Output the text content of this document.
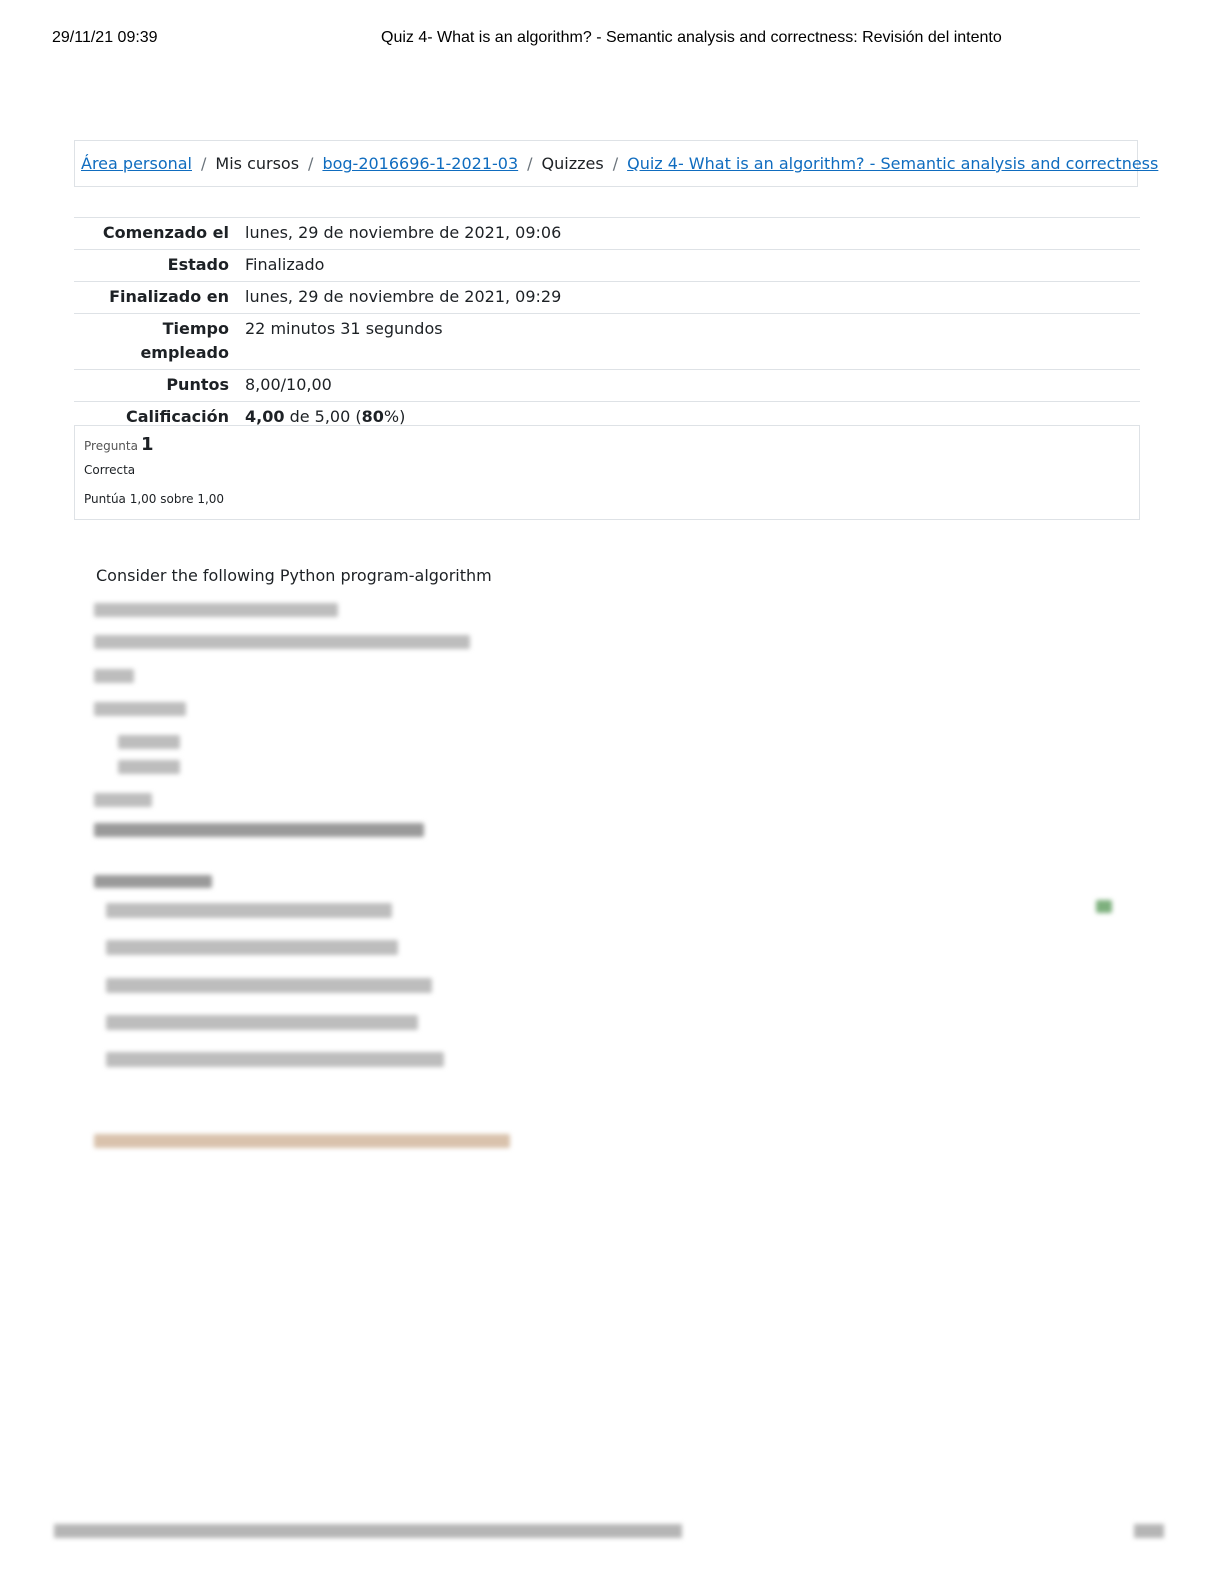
29/11/21 09:39	Quiz 4- What is an algorithm? - Semantic analysis and correctness: Revisión del intento
Área personal / Mis cursos / bog-2016696-1-2021-03 / Quizzes / Quiz 4- What is an algorithm? - Semantic analysis and correctness
Comenzado el	lunes, 29 de noviembre de 2021, 09:06
Estado	Finalizado
Finalizado en	lunes, 29 de noviembre de 2021, 09:29
Tiempo
empleado	22 minutos 31 segundos
Puntos	8,00/10,00
Calificación	4,00 de 5,00 (80%)
Pregunta 1
Correcta
Puntúa 1,00 sobre 1,00
Consider the following Python program-algorithm
